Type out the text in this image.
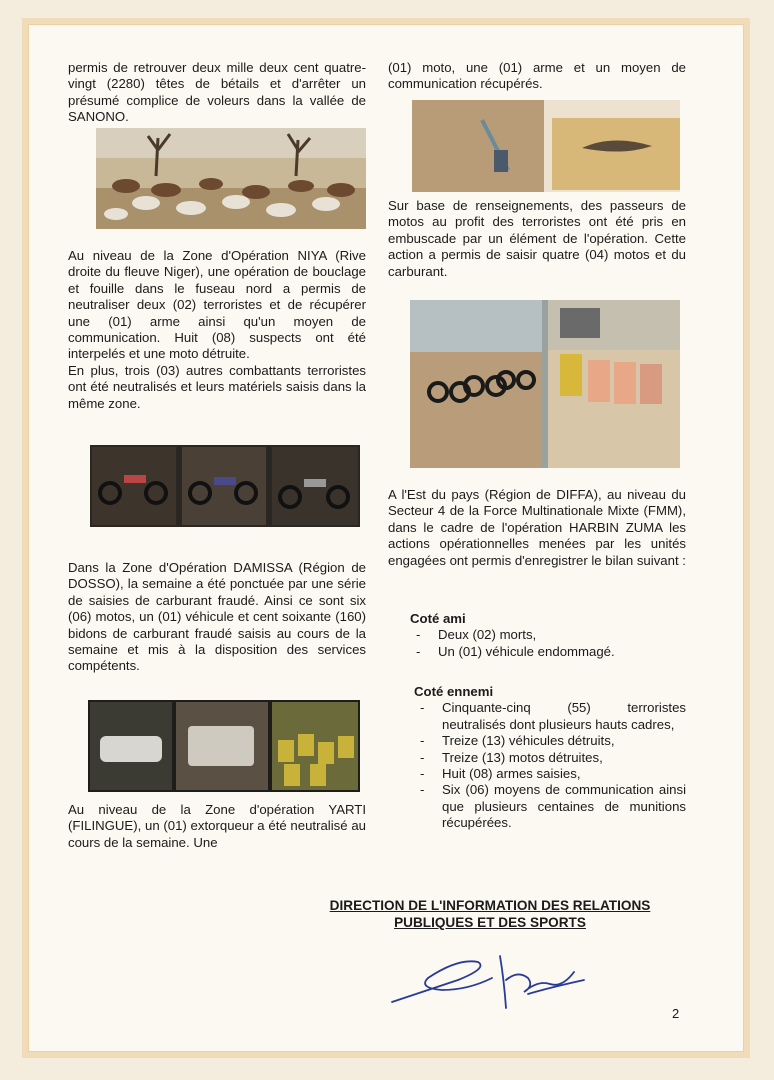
permis de retrouver deux mille deux cent quatre-vingt (2280) têtes de bétails et d'arrêter un présumé complice de voleurs dans la vallée de SANONO.

Au niveau de la Zone d'Opération NIYA (Rive droite du fleuve Niger), une opération de bouclage et fouille dans le fuseau nord a permis de neutraliser deux (02) terroristes et de récupérer une (01) arme ainsi qu'un moyen de communication. Huit (08) suspects ont été interpelés et une moto détruite.

En plus, trois (03) autres combattants terroristes ont été neutralisés et leurs matériels saisis dans la même zone.

Dans la Zone d'Opération DAMISSA (Région de DOSSO), la semaine a été ponctuée par une série de saisies de carburant fraudé. Ainsi ce sont six (06) motos, un (01) véhicule et cent soixante (160) bidons de carburant fraudé saisis au cours de la semaine et mis à la disposition des services compétents.

Au niveau de la Zone d'opération YARTI (FILINGUE), un (01) extorqueur a été neutralisé au cours de la semaine. Une

(01) moto, une (01) arme et un moyen de communication récupérés.

Sur base de renseignements, des passeurs de motos au profit des terroristes ont été pris en embuscade par un élément de l'opération. Cette action a permis de saisir quatre (04) motos et du carburant.

A l'Est du pays (Région de DIFFA), au niveau du Secteur 4 de la Force Multinationale Mixte (FMM), dans le cadre de l'opération HARBIN ZUMA les actions opérationnelles menées par les unités engagées ont permis d'enregistrer le bilan suivant :

Coté ami

- Deux (02) morts,
- Un (01) véhicule endommagé.

Coté ennemi

- Cinquante-cinq (55) terroristes neutralisés dont plusieurs hauts cadres,
- Treize (13) véhicules détruits,
- Treize (13) motos détruites,
- Huit (08) armes saisies,
- Six (06) moyens de communication ainsi que plusieurs centaines de munitions récupérées.
DIRECTION DE L'INFORMATION DES RELATIONS
PUBLIQUES ET DES SPORTS
2
